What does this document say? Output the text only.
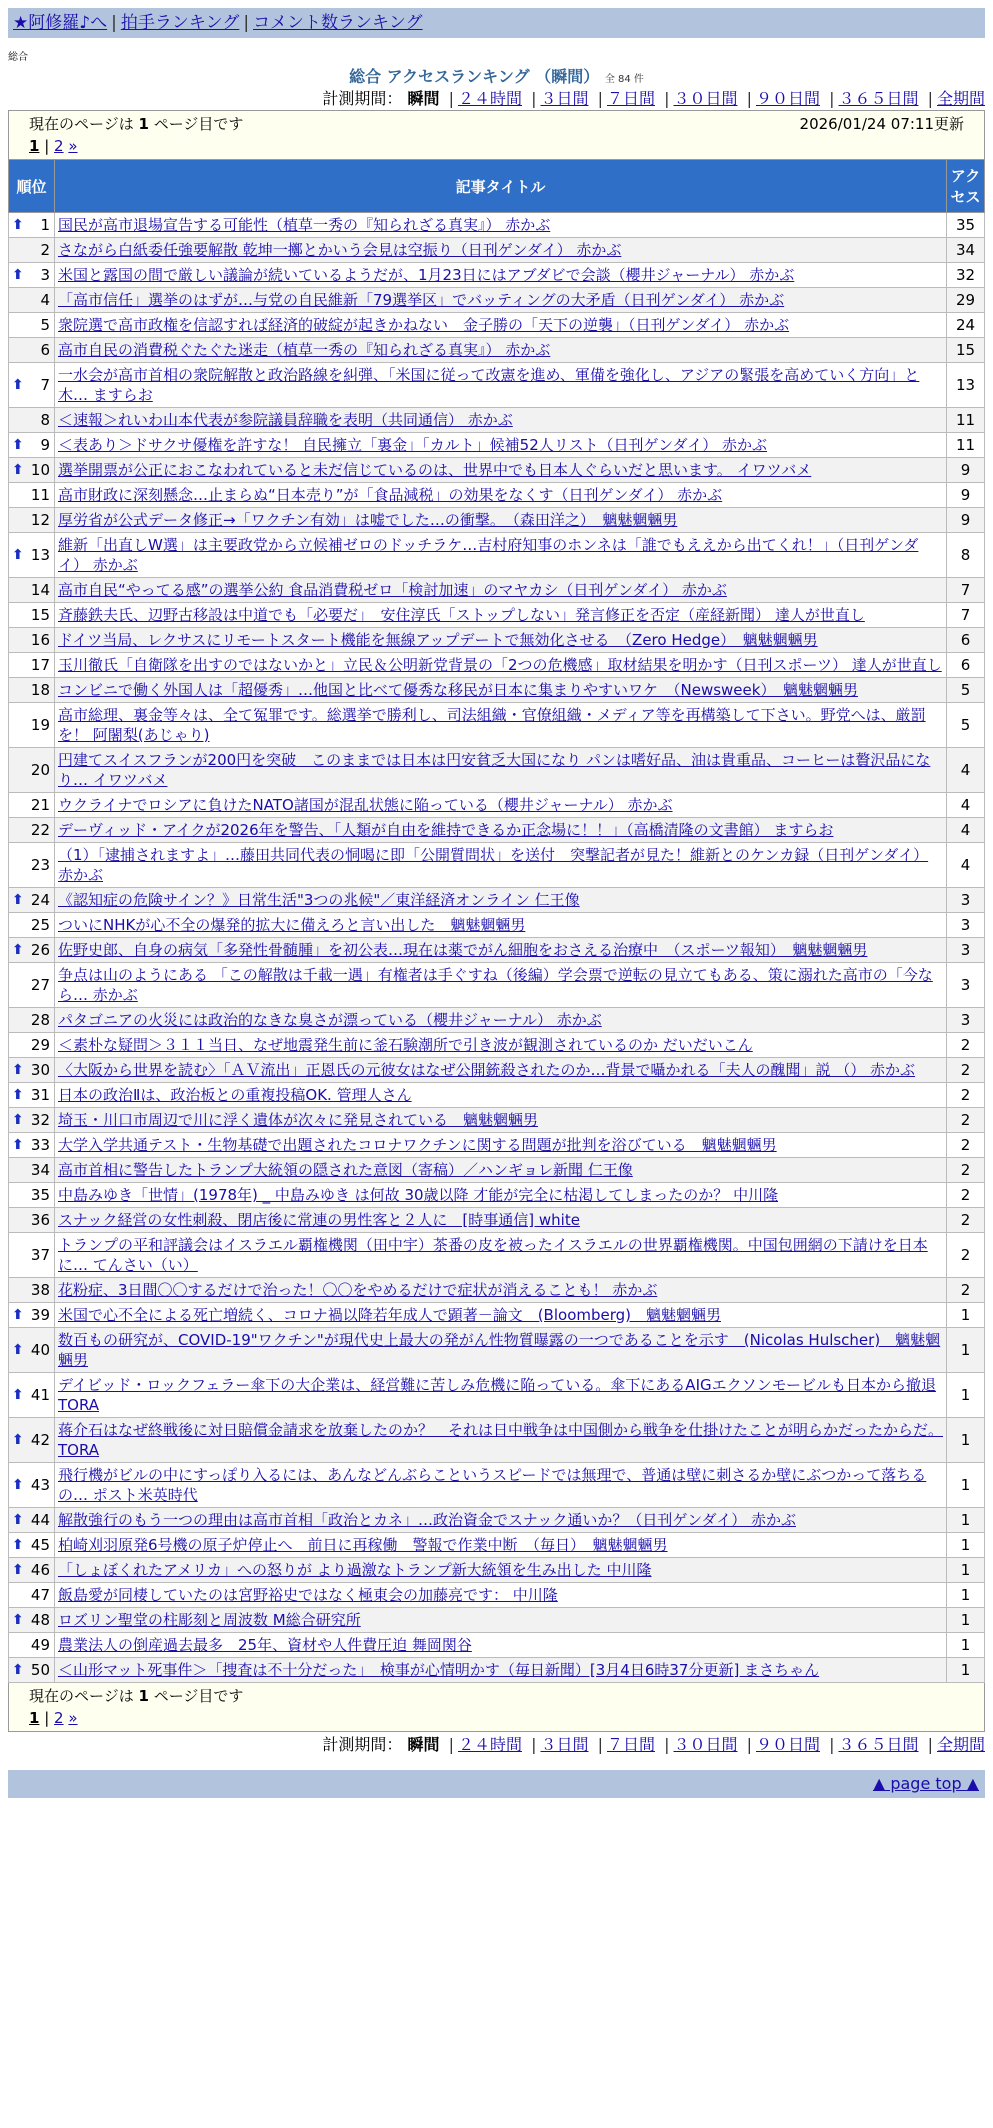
★阿修羅♪へ | 拍手ランキング | コメント数ランキング
総合
総合 アクセスランキング （瞬間） 全 84 件
計測期間： 瞬間 | ２４時間 | ３日間 | ７日間 | ３０日間 | ９０日間 | ３６５日間 | 全期間
現在のページは 1 ページ目です	2026/01/24 07:11更新
1 | 2 »
順位	記事タイトル	アクセス

⬆ 1	国民が高市退場宣告する可能性（植草一秀の『知られざる真実』） 赤かぶ	35
2	さながら白紙委任強要解散 乾坤一擲とかいう会見は空振り（日刊ゲンダイ） 赤かぶ	34

⬆ 3	米国と露国の間で厳しい議論が続いているようだが、1月23日にはアブダビで会談（櫻井ジャーナル） 赤かぶ	32
4	「高市信任」選挙のはずが…与党の自民維新「79選挙区」でバッティングの大矛盾（日刊ゲンダイ） 赤かぶ	29
5	衆院選で高市政権を信認すれば経済的破綻が起きかねない　金子勝の「天下の逆襲」（日刊ゲンダイ） 赤かぶ	24
6	高市自民の消費税ぐたぐた迷走（植草一秀の『知られざる真実』） 赤かぶ	15

⬆ 7	一水会が高市首相の衆院解散と政治路線を糾弾、「米国に従って改憲を進め、軍備を強化し、アジアの緊張を高めていく方向」と木… ますらお	13
8	＜速報＞れいわ山本代表が参院議員辞職を表明（共同通信） 赤かぶ	11

⬆ 9	＜表あり＞ドサクサ優権を許すな！ 自民擁立「裏金」「カルト」候補52人リスト（日刊ゲンダイ） 赤かぶ	11

⬆ 10	選挙開票が公正におこなわれていると未だ信じているのは、世界中でも日本人ぐらいだと思います。 イワツバメ	9
11	高市財政に深刻懸念…止まらぬ“日本売り”が「食品減税」の効果をなくす（日刊ゲンダイ） 赤かぶ	9
12	厚労省が公式データ修正→「ワクチン有効」は嘘でした…の衝撃。　（森田洋之）　魑魅魍魎男	9

⬆ 13	維新「出直しW選」は主要政党から立候補ゼロのドッチラケ…吉村府知事のホンネは「誰でもええから出てくれ！」（日刊ゲンダイ） 赤かぶ	8
14	高市自民“やってる感”の選挙公約 食品消費税ゼロ「検討加速」のマヤカシ（日刊ゲンダイ） 赤かぶ	7
15	斉藤鉄夫氏、辺野古移設は中道でも「必要だ」　安住淳氏「ストップしない」発言修正を否定（産経新聞） 達人が世直し	7
16	ドイツ当局、レクサスにリモートスタート機能を無線アップデートで無効化させる　（Zero Hedge）　魑魅魍魎男	6
17	玉川徹氏「自衛隊を出すのではないかと」立民＆公明新党背景の「2つの危機感」取材結果を明かす（日刊スポーツ） 達人が世直し	6
18	コンビニで働く外国人は「超優秀」…他国と比べて優秀な移民が日本に集まりやすいワケ　（Newsweek）　魑魅魍魎男	5
19	高市総理、裏金等々は、全て冤罪です。総選挙で勝利し、司法組織・官僚組織・メディア等を再構築して下さい。野党へは、厳罰を！ 阿闍梨(あじゃり)	5
20	円建てスイスフランが200円を突破　このままでは日本は円安貧乏大国になり パンは嗜好品、油は貴重品、コーヒーは贅沢品になり… イワツバメ	4
21	ウクライナでロシアに負けたNATO諸国が混乱状態に陥っている（櫻井ジャーナル） 赤かぶ	4
22	デーヴィッド・アイクが2026年を警告、「人類が自由を維持できるか正念場に！！」（高橋清隆の文書館） ますらお	4
23	（1）「逮捕されますよ」…藤田共同代表の恫喝に即「公開質問状」を送付　突撃記者が見た！維新とのケンカ録（日刊ゲンダイ） 赤かぶ	4

⬆ 24	《認知症の危険サイン？》日常生活"3つの兆候"／東洋経済オンライン 仁王像	3
25	ついにNHKが心不全の爆発的拡大に備えろと言い出した　魑魅魍魎男	3

⬆ 26	佐野史郎、自身の病気「多発性骨髄腫」を初公表…現在は薬でがん細胞をおさえる治療中　（スポーツ報知）　魑魅魍魎男	3
27	争点は山のようにある 「この解散は千載一遇」有権者は手ぐすね（後編）学会票で逆転の見立てもある、策に溺れた高市の「今なら… 赤かぶ	3
28	パタゴニアの火災には政治的なきな臭さが漂っている（櫻井ジャーナル） 赤かぶ	3
29	＜素朴な疑問＞３１１当日、なぜ地震発生前に釜石験潮所で引き波が観測されているのか だいだいこん	2

⬆ 30	〈大阪から世界を読む〉「ＡＶ流出」正恩氏の元彼女はなぜ公開銃殺されたのか…背景で囁かれる「夫人の醜聞」説 （） 赤かぶ	2

⬆ 31	日本の政治Ⅱは、政治板との重複投稿OK. 管理人さん	2

⬆ 32	埼玉・川口市周辺で川に浮く遺体が次々に発見されている　魑魅魍魎男	2

⬆ 33	大学入学共通テスト・生物基礎で出題されたコロナワクチンに関する問題が批判を浴びている　魑魅魍魎男	2
34	高市首相に警告したトランプ大統領の隠された意図（寄稿）／ハンギョレ新聞 仁王像	2
35	中島みゆき「世情」(1978年) _ 中島みゆき は何故 30歳以降 才能が完全に枯渇してしまったのか？ 中川隆	2
36	スナック経営の女性刺殺、閉店後に常連の男性客と２人に　[時事通信] white	2
37	トランプの平和評議会はイスラエル覇権機関（田中宇）茶番の皮を被ったイスラエルの世界覇権機関。中国包囲網の下請けを日本に… てんさい（い）	2
38	花粉症、3日間〇〇するだけで治った！〇〇をやめるだけで症状が消えることも！ 赤かぶ	2

⬆ 39	米国で心不全による死亡増続く、コロナ禍以降若年成人で顕著－論文　(Bloomberg)　魑魅魍魎男	1

⬆ 40	数百もの研究が、COVID-19"ワクチン"が現代史上最大の発がん性物質曝露の一つであることを示す　(Nicolas Hulscher)　魑魅魍魎男	1

⬆ 41	デイビッド・ロックフェラー傘下の大企業は、経営難に苦しみ危機に陥っている。傘下にあるAIGエクソンモービルも日本から撤退 TORA	1

⬆ 42	蒋介石はなぜ終戦後に対日賠償金請求を放棄したのか？　それは日中戦争は中国側から戦争を仕掛けたことが明らかだったからだ。 TORA	1

⬆ 43	飛行機がビルの中にすっぽり入るには、あんなどんぶらこというスピードでは無理で、普通は壁に刺さるか壁にぶつかって落ちるの… ポスト米英時代	1

⬆ 44	解散強行のもう一つの理由は高市首相「政治とカネ」…政治資金でスナック通いか？（日刊ゲンダイ） 赤かぶ	1

⬆ 45	柏崎刈羽原発6号機の原子炉停止へ　前日に再稼働　警報で作業中断　（毎日）　魑魅魍魎男	1

⬆ 46	「しょぼくれたアメリカ」への怒りが より過激なトランプ新大統領を生み出した 中川隆	1
47	飯島愛が同棲していたのは宮野裕史ではなく極東会の加藤亮です： 中川隆	1

⬆ 48	ロズリン聖堂の柱彫刻と周波数 M総合研究所	1
49	農業法人の倒産過去最多　25年、資材や人件費圧迫 舞岡関谷	1

⬆ 50	＜山形マット死事件＞「捜査は不十分だった」　検事が心情明かす（毎日新聞）[3月4日6時37分更新] まさちゃん	1
現在のページは 1 ページ目です
1 | 2 »
計測期間： 瞬間 | ２４時間 | ３日間 | ７日間 | ３０日間 | ９０日間 | ３６５日間 | 全期間
▲ page top ▲
